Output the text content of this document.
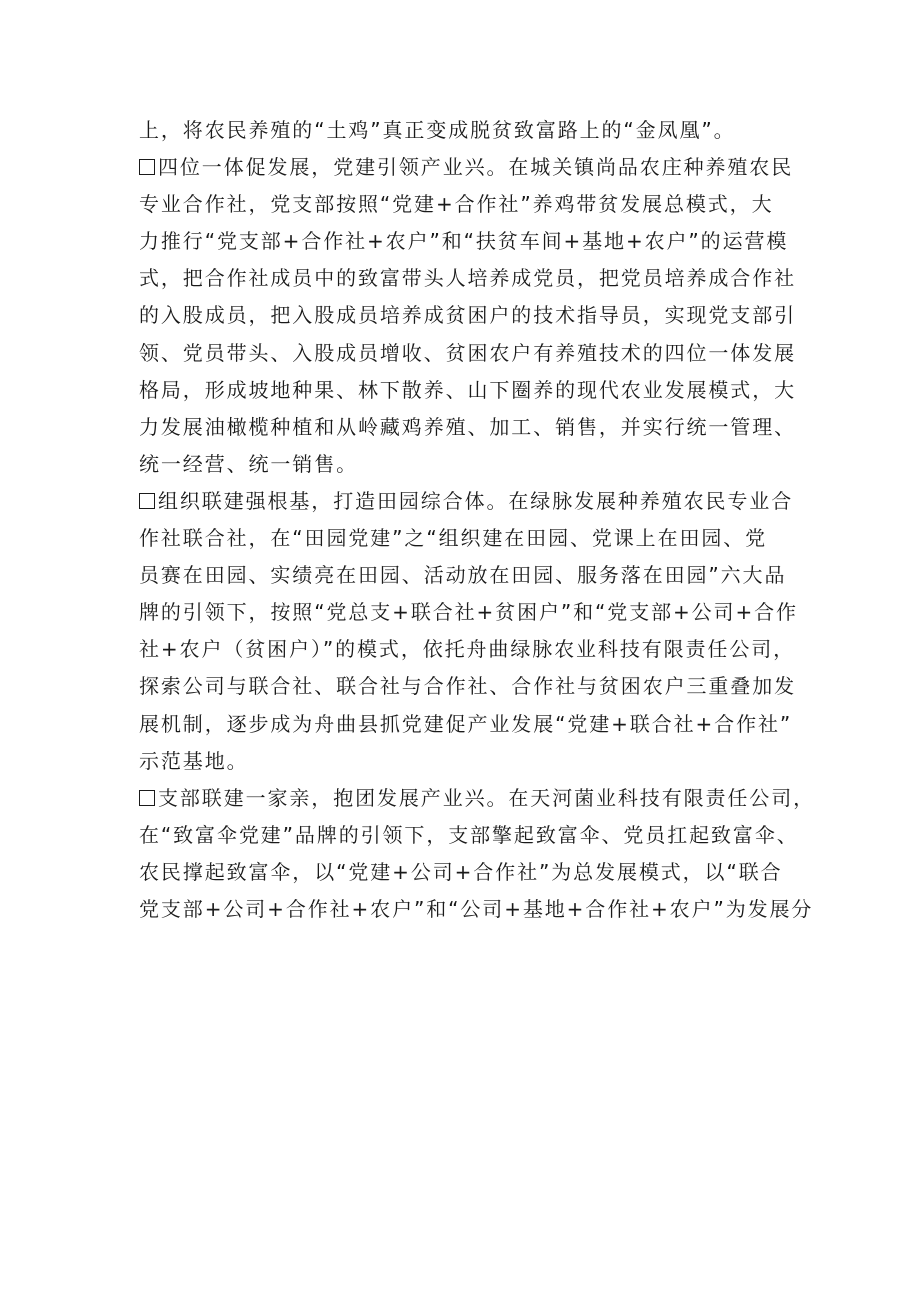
上，将农民养殖的“土鸡”真正变成脱贫致富路上的“金凤凰”。
四位一体促发展，党建引领产业兴。在城关镇尚品农庄种养殖农民
专业合作社，党支部按照“党建+合作社”养鸡带贫发展总模式，大
力推行“党支部+合作社+农户”和“扶贫车间+基地+农户”的运营模
式，把合作社成员中的致富带头人培养成党员，把党员培养成合作社
的入股成员，把入股成员培养成贫困户的技术指导员，实现党支部引
领、党员带头、入股成员增收、贫困农户有养殖技术的四位一体发展
格局，形成坡地种果、林下散养、山下圈养的现代农业发展模式，大
力发展油橄榄种植和从岭藏鸡养殖、加工、销售，并实行统一管理、
统一经营、统一销售。
组织联建强根基，打造田园综合体。在绿脉发展种养殖农民专业合
作社联合社，在“田园党建”之“组织建在田园、党课上在田园、党
员赛在田园、实绩亮在田园、活动放在田园、服务落在田园”六大品
牌的引领下，按照“党总支+联合社+贫困户”和“党支部+公司+合作
社+农户（贫困户）”的模式，依托舟曲绿脉农业科技有限责任公司，
探索公司与联合社、联合社与合作社、合作社与贫困农户三重叠加发
展机制，逐步成为舟曲县抓党建促产业发展“党建+联合社+合作社”
示范基地。
支部联建一家亲，抱团发展产业兴。在天河菌业科技有限责任公司，
在“致富伞党建”品牌的引领下，支部擎起致富伞、党员扛起致富伞、
农民撑起致富伞，以“党建+公司+合作社”为总发展模式，以“联合
党支部+公司+合作社+农户”和“公司+基地+合作社+农户”为发展分
